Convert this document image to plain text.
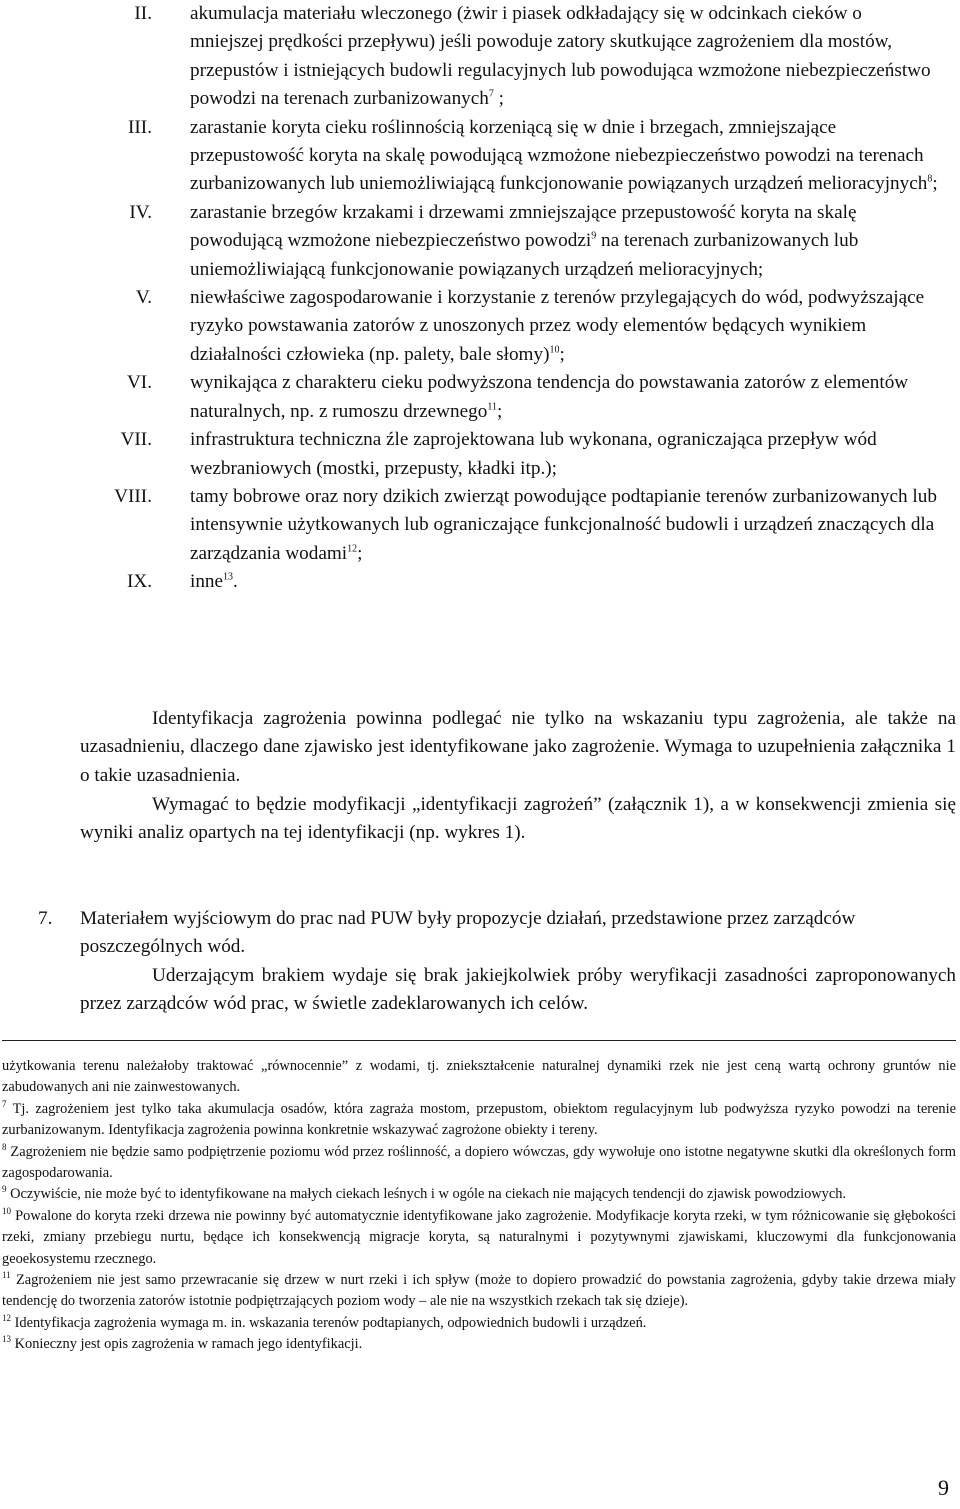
II. akumulacja materiału wleczonego (żwir i piasek odkładający się w odcinkach cieków o mniejszej prędkości przepływu) jeśli powoduje zatory skutkujące zagrożeniem dla mostów, przepustów i istniejących budowli regulacyjnych lub powodująca wzmożone niebezpieczeństwo powodzi na terenach zurbanizowanych$^7$ ;
III. zarastanie koryta cieku roślinnością korzeniącą się w dnie i brzegach, zmniejszające przepustowość koryta na skalę powodującą wzmożone niebezpieczeństwo powodzi na terenach zurbanizowanych lub uniemożliwiającą funkcjonowanie powiązanych urządzeń melioracyjnych$^8$;
IV. zarastanie brzegów krzakami i drzewami zmniejszające przepustowość koryta na skalę powodującą wzmożone niebezpieczeństwo powodzi$^9$ na terenach zurbanizowanych lub uniemożliwiającą funkcjonowanie powiązanych urządzeń melioracyjnych;
V. niewłaściwe zagospodarowanie i korzystanie z terenów przylegających do wód, podwyższające ryzyko powstawania zatorów z unoszonych przez wody elementów będących wynikiem działalności człowieka (np. palety, bale słomy)$^{10}$;
VI. wynikająca z charakteru cieku podwyższona tendencja do powstawania zatorów z elementów naturalnych, np. z rumoszu drzewnego$^{11}$;
VII. infrastruktura techniczna źle zaprojektowana lub wykonana, ograniczająca przepływ wód wezbraniowych (mostki, przepusty, kładki itp.);
VIII. tamy bobrowe oraz nory dzikich zwierząt powodujące podtapianie terenów zurbanizowanych lub intensywnie użytkowanych lub ograniczające funkcjonalność budowli i urządzeń znaczących dla zarządzania wodami$^{12}$;
IX. inne$^{13}$.
Identyfikacja zagrożenia powinna podlegać nie tylko na wskazaniu typu zagrożenia, ale także na uzasadnieniu, dlaczego dane zjawisko jest identyfikowane jako zagrożenie. Wymaga to uzupełnienia załącznika 1 o takie uzasadnienia.
Wymagać to będzie modyfikacji „identyfikacji zagrożeń” (załącznik 1), a w konsekwencji zmienia się wyniki analiz opartych na tej identyfikacji (np. wykres 1).
7. Materiałem wyjściowym do prac nad PUW były propozycje działań, przedstawione przez zarządców poszczególnych wód.
Uderzającym brakiem wydaje się brak jakiejkolwiek próby weryfikacji zasadności zaproponowanych przez zarządców wód prac, w świetle zadeklarowanych ich celów.

użytkowania terenu należałoby traktować „równocennie” z wodami, tj. zniekształcenie naturalnej dynamiki rzek nie jest ceną wartą ochrony gruntów nie zabudowanych ani nie zainwestowanych.

$^7$ Tj. zagrożeniem jest tylko taka akumulacja osadów, która zagraża mostom, przepustom, obiektom regulacyjnym lub podwyższa ryzyko powodzi na terenie zurbanizowanym. Identyfikacja zagrożenia powinna konkretnie wskazywać zagrożone obiekty i tereny.

$^8$ Zagrożeniem nie będzie samo podpiętrzenie poziomu wód przez roślinność, a dopiero wówczas, gdy wywołuje ono istotne negatywne skutki dla określonych form zagospodarowania.

$^9$ Oczywiście, nie może być to identyfikowane na małych ciekach leśnych i w ogóle na ciekach nie mających tendencji do zjawisk powodziowych.

$^{10}$ Powalone do koryta rzeki drzewa nie powinny być automatycznie identyfikowane jako zagrożenie. Modyfikacje koryta rzeki, w tym różnicowanie się głębokości rzeki, zmiany przebiegu nurtu, będące ich konsekwencją migracje koryta, są naturalnymi i pozytywnymi zjawiskami, kluczowymi dla funkcjonowania geoekosystemu rzecznego.

$^{11}$ Zagrożeniem nie jest samo przewracanie się drzew w nurt rzeki i ich spływ (może to dopiero prowadzić do powstania zagrożenia, gdyby takie drzewa miały tendencję do tworzenia zatorów istotnie podpiętrzających poziom wody – ale nie na wszystkich rzekach tak się dzieje).

$^{12}$ Identyfikacja zagrożenia wymaga m. in. wskazania terenów podtapianych, odpowiednich budowli i urządzeń.

$^{13}$ Konieczny jest opis zagrożenia w ramach jego identyfikacji.

9
